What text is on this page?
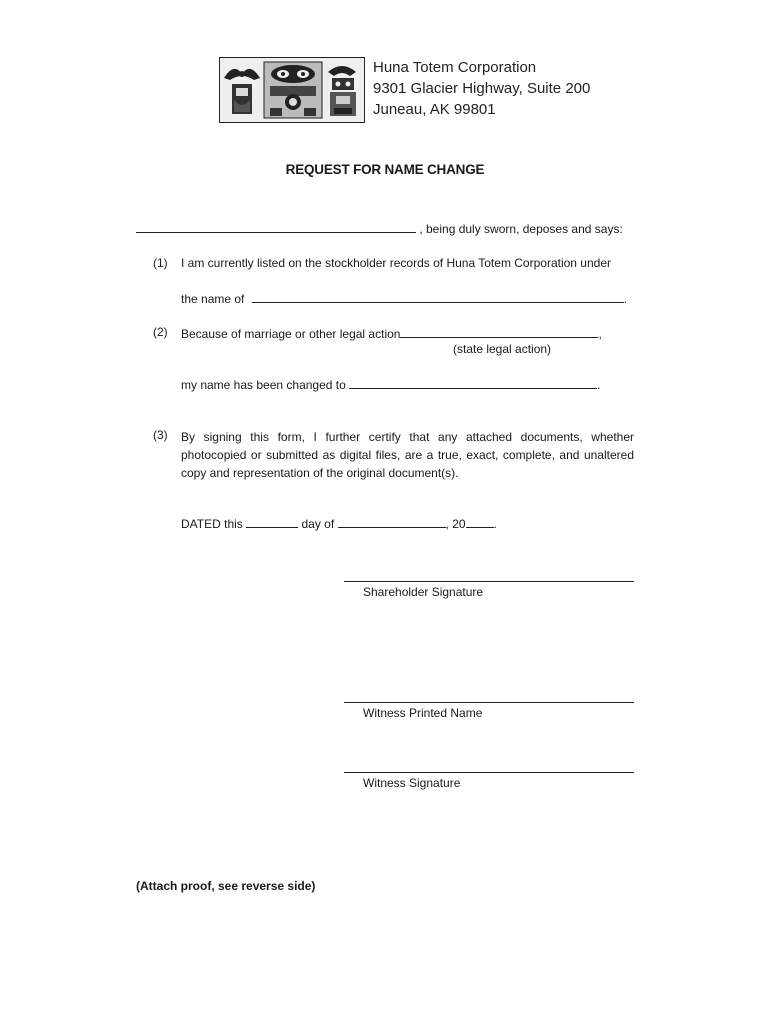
Huna Totem Corporation
9301 Glacier Highway, Suite 200
Juneau, AK 99801
REQUEST FOR NAME CHANGE
, being duly sworn, deposes and says:
(1) I am currently listed on the stockholder records of Huna Totem Corporation under
the name of	.
(2) Because of marriage or other legal action	,
(state legal action)
my name has been changed to	.
(3) By signing this form, I further certify that any attached documents, whether photocopied or submitted as digital files, are a true, exact, complete, and unaltered copy and representation of the original document(s).
DATED this	day of	, 20 .
Shareholder Signature
Witness Printed Name
Witness Signature
(Attach proof, see reverse side)
